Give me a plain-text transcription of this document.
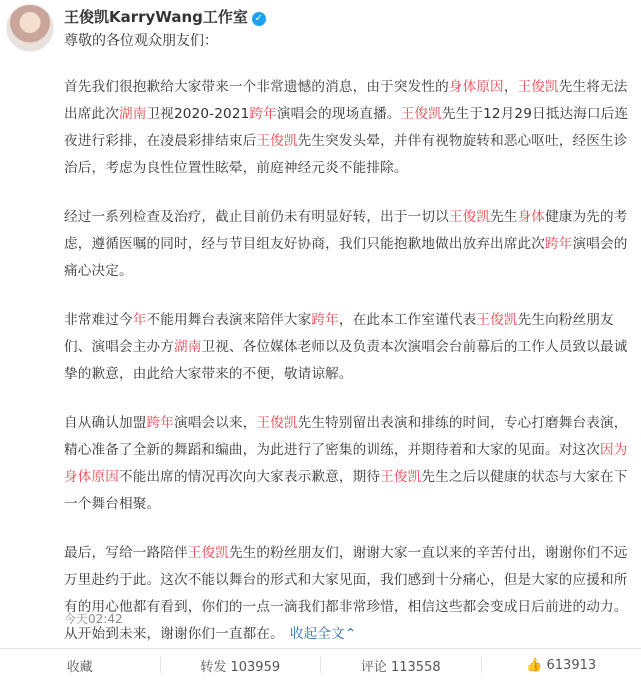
王俊凯KarryWang工作室 ✓
尊敬的各位观众朋友们：

首先我们很抱歉给大家带来一个非常遗憾的消息，由于突发性的身体原因，王俊凯先生将无法出席此次湖南卫视2020-2021跨年演唱会的现场直播。王俊凯先生于12月29日抵达海口后连夜进行彩排，在凌晨彩排结束后王俊凯先生突发头晕，并伴有视物旋转和恶心呕吐，经医生诊治后，考虑为良性位置性眩晕，前庭神经元炎不能排除。

经过一系列检查及治疗，截止目前仍未有明显好转，出于一切以王俊凯先生身体健康为先的考虑，遵循医嘱的同时，经与节目组友好协商，我们只能抱歉地做出放弃出席此次跨年演唱会的痛心决定。

非常难过今年不能用舞台表演来陪伴大家跨年，在此本工作室谨代表王俊凯先生向粉丝朋友们、演唱会主办方湖南卫视、各位媒体老师以及负责本次演唱会台前幕后的工作人员致以最诚挚的歉意，由此给大家带来的不便，敬请谅解。

自从确认加盟跨年演唱会以来，王俊凯先生特别留出表演和排练的时间，专心打磨舞台表演，精心准备了全新的舞蹈和编曲，为此进行了密集的训练，并期待着和大家的见面。对这次因为身体原因不能出席的情况再次向大家表示歉意，期待王俊凯先生之后以健康的状态与大家在下一个舞台相聚。

最后，写给一路陪伴王俊凯先生的粉丝朋友们，谢谢大家一直以来的辛苦付出，谢谢你们不远万里赴约于此。这次不能以舞台的形式和大家见面，我们感到十分痛心，但是大家的应援和所有的用心他都有看到，你们的一点一滴我们都非常珍惜，相信这些都会变成日后前进的动力。从开始到未来，谢谢你们一直都在。 收起全文⌃

今天02:42
收藏	转发 103959	评论 113558	👍 613913
